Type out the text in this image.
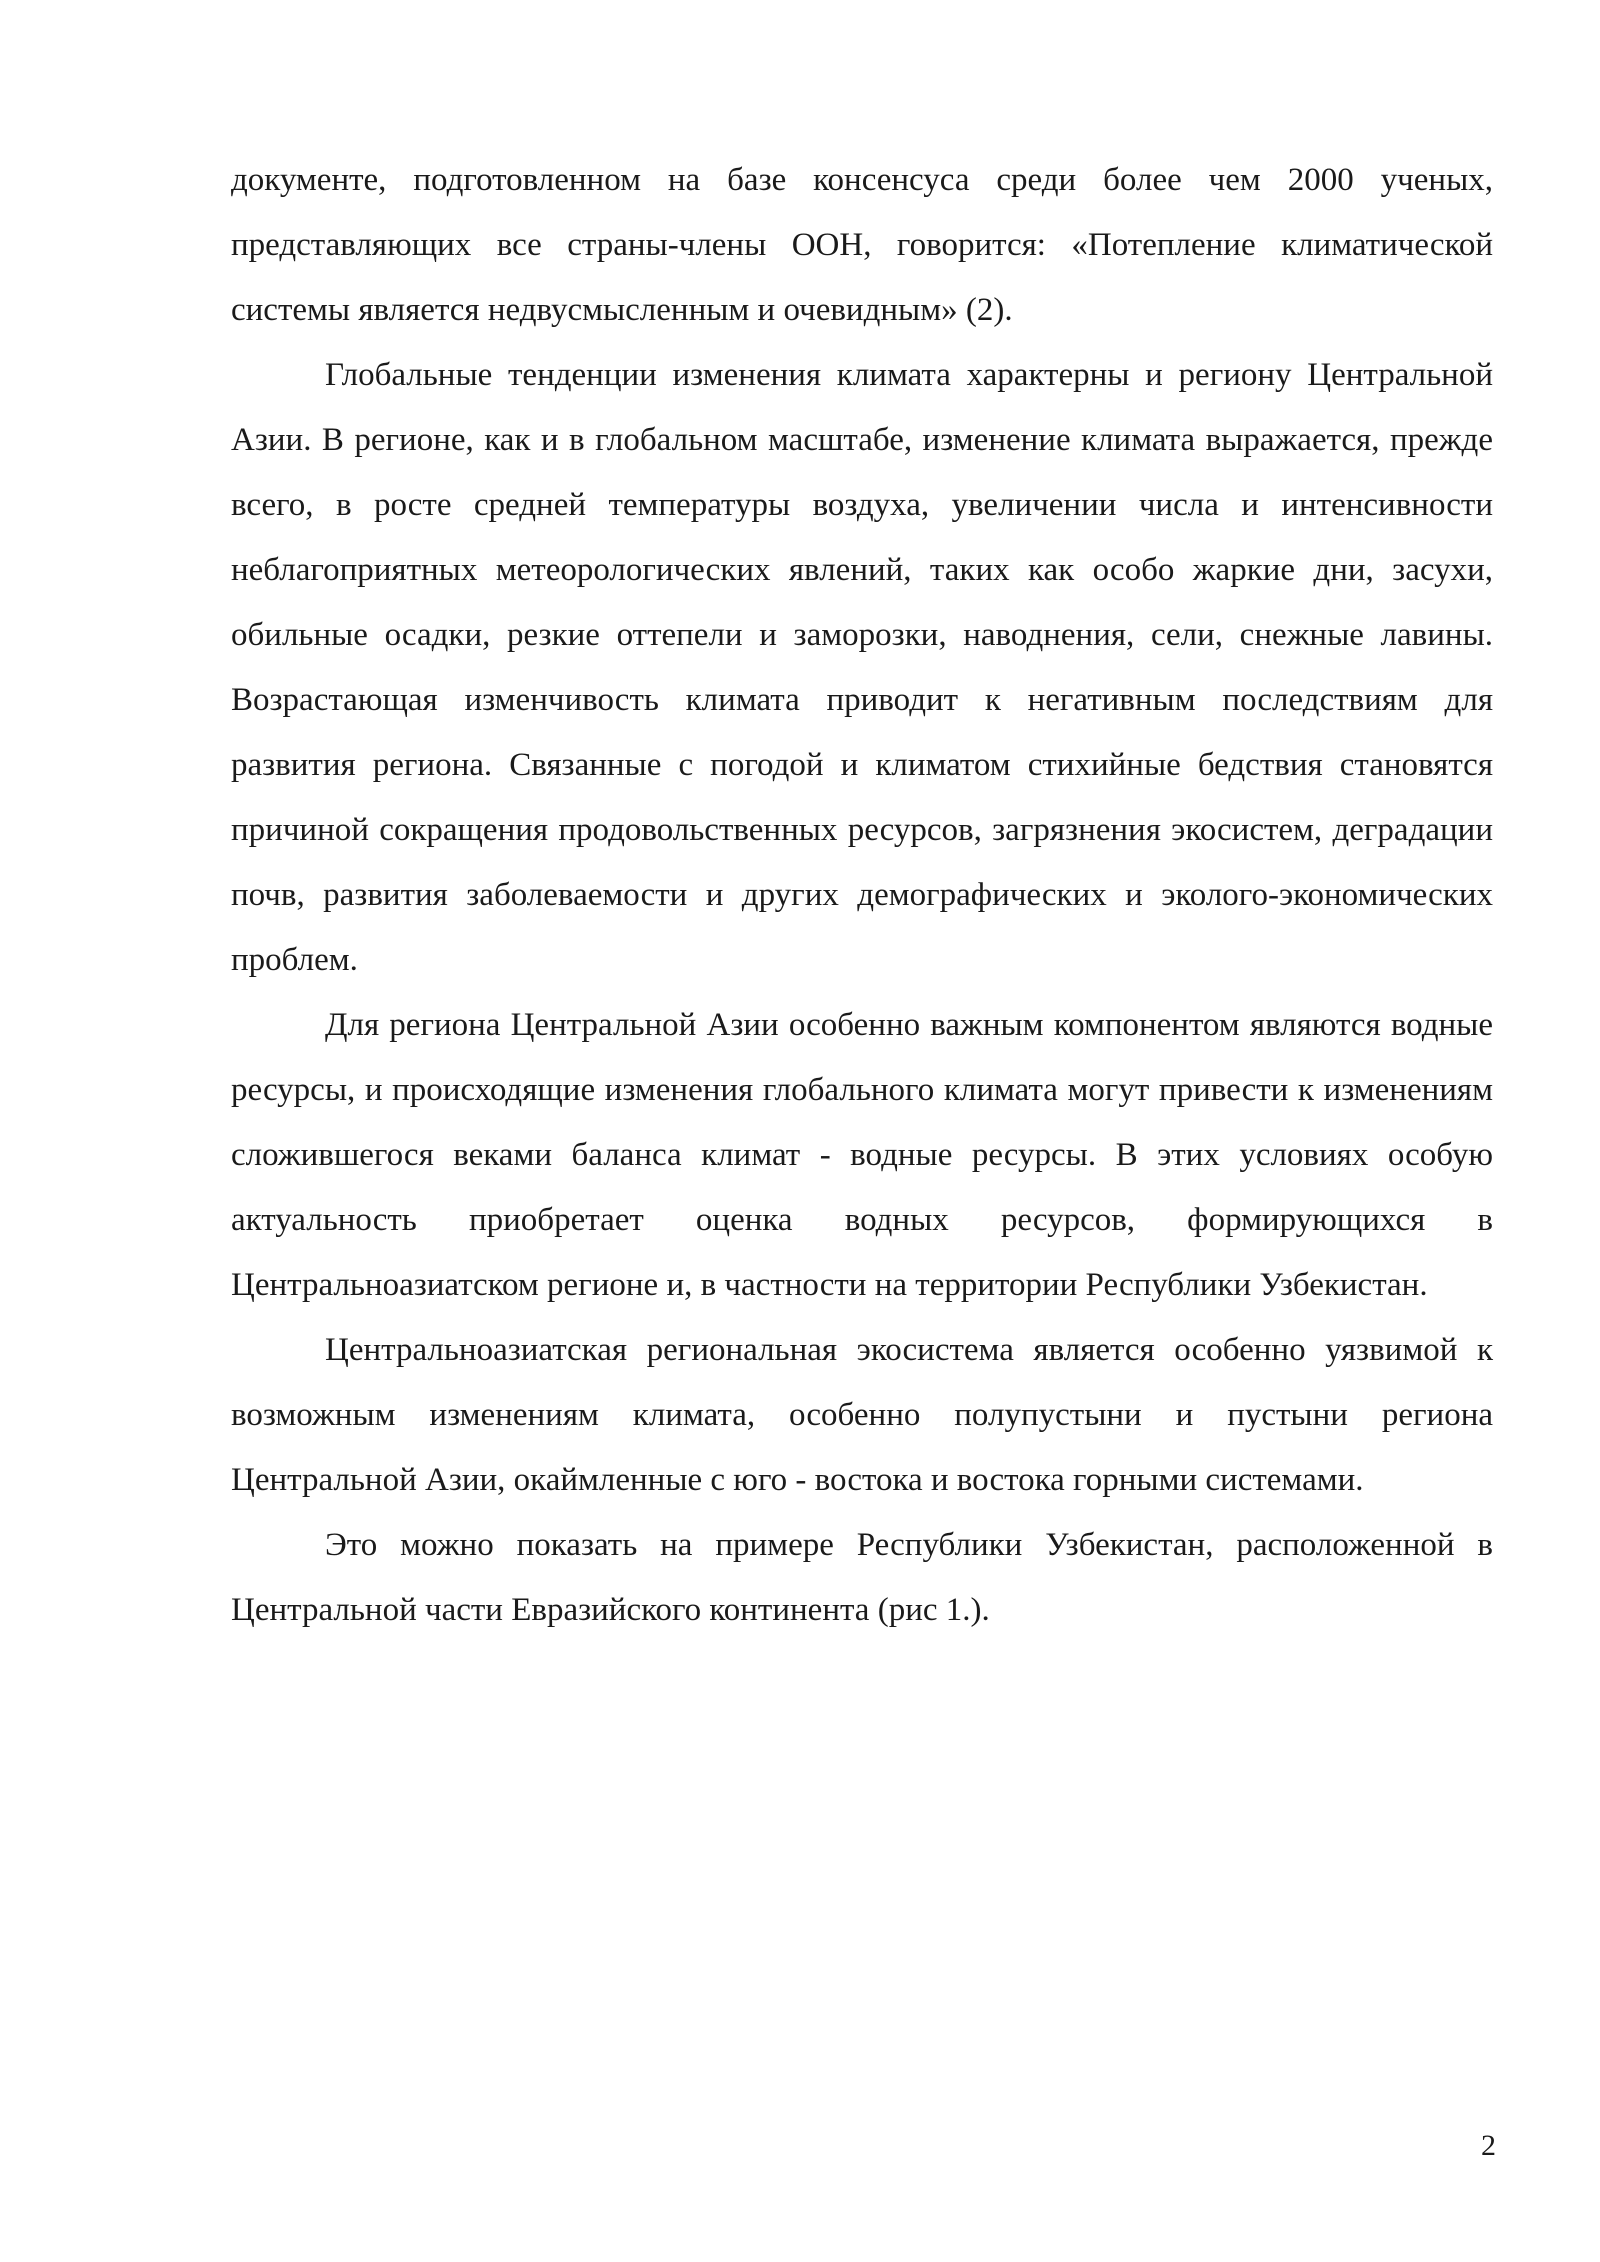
документе, подготовленном на базе консенсуса среди более чем 2000 ученых, представляющих все страны-члены ООН, говорится: «Потепление климатической системы является недвусмысленным и очевидным» (2).

Глобальные тенденции изменения климата характерны и региону Центральной Азии. В регионе, как и в глобальном масштабе, изменение климата выражается, прежде всего, в росте средней температуры воздуха, увеличении числа и интенсивности неблагоприятных метеорологических явлений, таких как особо жаркие дни, засухи, обильные осадки, резкие оттепели и заморозки, наводнения, сели, снежные лавины. Возрастающая изменчивость климата приводит к негативным последствиям для развития региона. Связанные с погодой и климатом стихийные бедствия становятся причиной сокращения продовольственных ресурсов, загрязнения экосистем, деградации почв, развития заболеваемости и других демографических и эколого-экономических проблем.

Для региона Центральной Азии особенно важным компонентом являются водные ресурсы, и происходящие изменения глобального климата могут привести к изменениям сложившегося веками баланса климат - водные ресурсы. В этих условиях особую актуальность приобретает оценка водных ресурсов, формирующихся в Центральноазиатском регионе и, в частности на территории Республики Узбекистан.

Центральноазиатская региональная экосистема является особенно уязвимой к возможным изменениям климата, особенно полупустыни и пустыни региона Центральной Азии, окаймленные с юго - востока и востока горными системами.

Это можно показать на примере Республики Узбекистан, расположенной в Центральной части Евразийского континента (рис 1.).

2
